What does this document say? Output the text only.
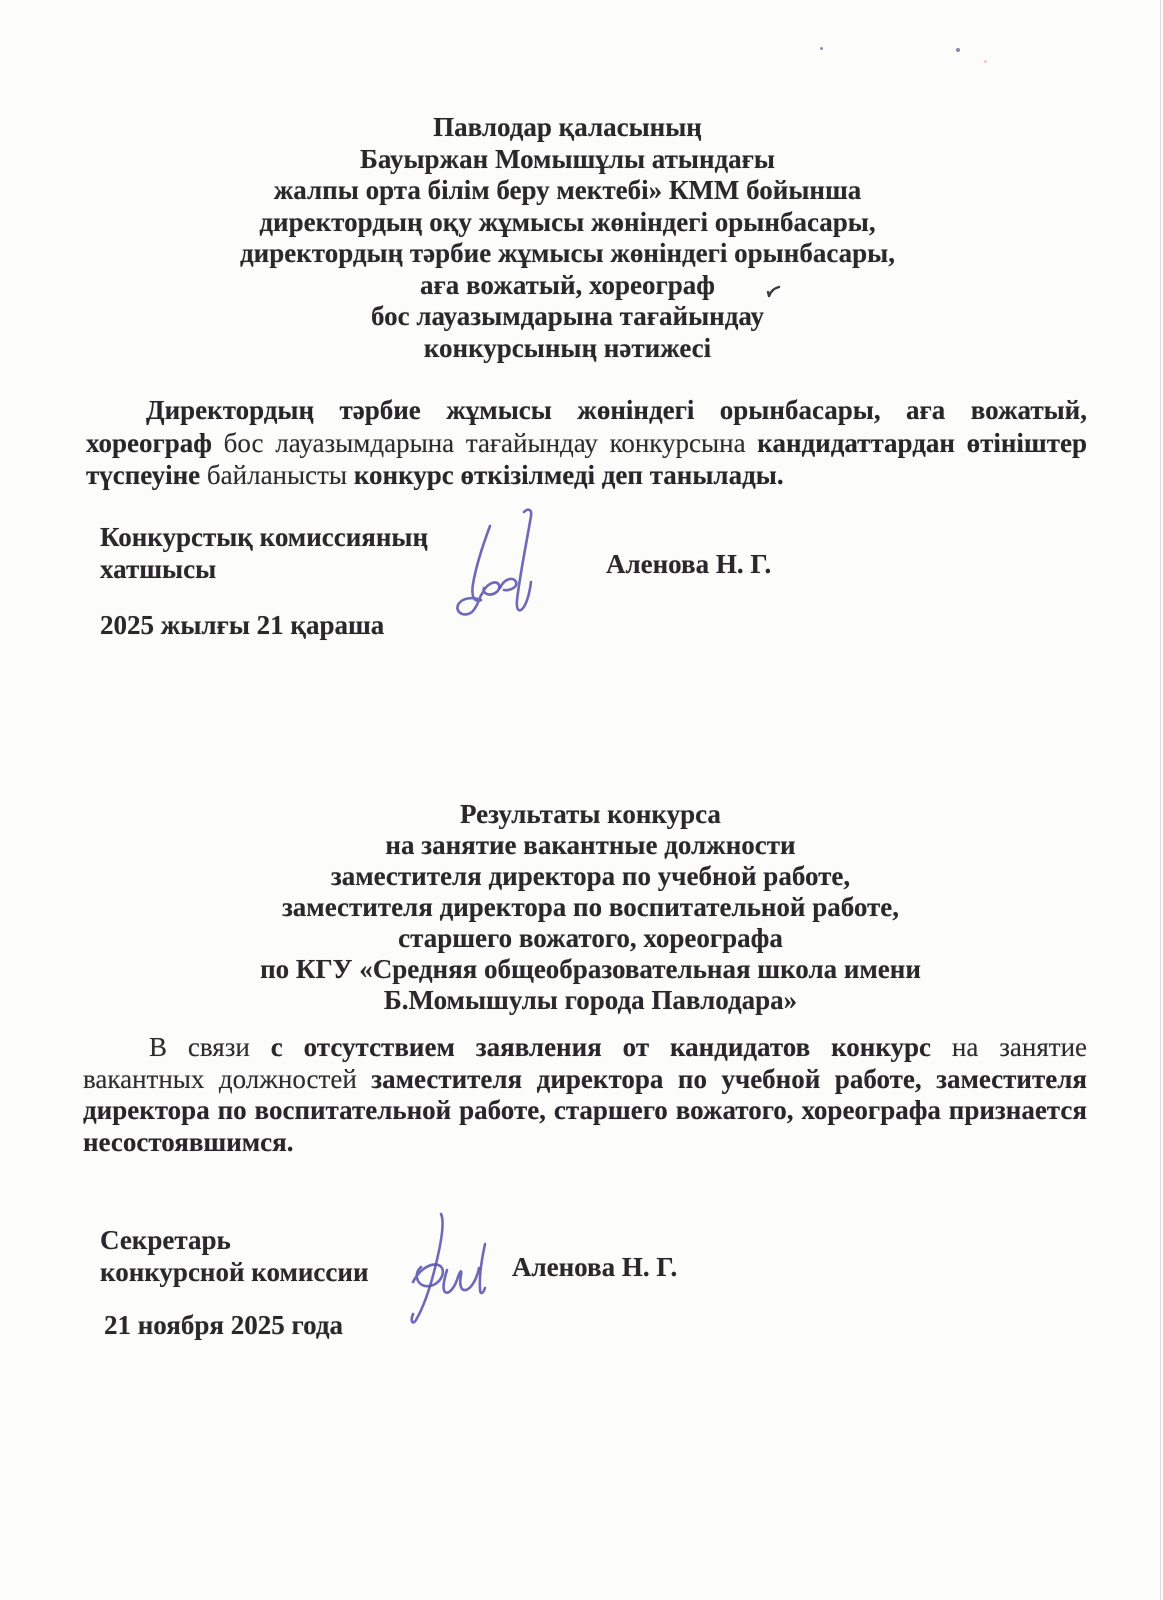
Павлодар қаласының
Бауыржан Момышұлы атындағы
жалпы орта білім беру мектебі» КММ бойынша
директордың оқу жұмысы жөніндегі орынбасары,
директордың тәрбие жұмысы жөніндегі орынбасары,
аға вожатый, хореограф
бос лауазымдарына тағайындау
конкурсының нәтижесі

Директордың тәрбие жұмысы жөніндегі орынбасары, аға вожатый, хореограф бос лауазымдарына тағайындау конкурсына кандидаттардан өтініштер түспеуіне байланысты конкурс өткізілмеді деп танылады.

Конкурстық комиссияның
хатшысы	Аленова Н. Г.
2025 жылғы 21 қараша
Результаты конкурса
на занятие вакантные должности
заместителя директора по учебной работе,
заместителя директора по воспитательной работе,
старшего вожатого, хореографа
по КГУ «Средняя общеобразовательная школа имени
Б.Момышулы города Павлодара»

В связи с отсутствием заявления от кандидатов конкурс на занятие вакантных должностей заместителя директора по учебной работе, заместителя директора по воспитательной работе, старшего вожатого, хореографа признается несостоявшимся.

Секретарь
конкурсной комиссии	Аленова Н. Г.
21 ноября 2025 года
